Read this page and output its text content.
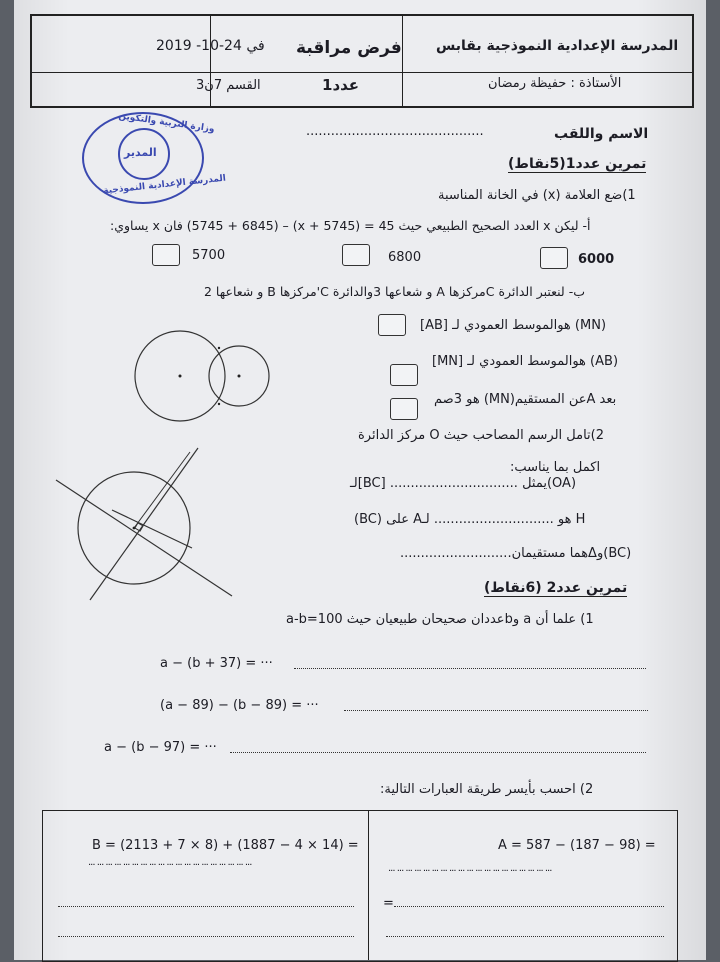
المدرسة الإعدادية النموذجية بقابس
الأستاذة : حفيظة رمضان
فرض مراقبة
عدد1
في 24-10- 2019
القسم 7ن3
وزارة التربية والتكوين
المدرسة الإعدادية النموذجية
المدير
الاسم واللقب
...........................................
تمرين عدد1(5نقاط)
1)ضع العلامة (x) في الخانة المناسبة
أ- ليكن x العدد الصحيح الطبيعي حيث 45 = (5745 + x) – (5745 + 6845) فان x يساوي:
5700	6800	6000
ب- لنعتبر الدائرة Cمركزها A و شعاعها 3والدائرة C'مركزها B و شعاعها 2
(MN) هوالموسط العمودي لـ [AB]
(AB) هوالموسط العمودي لـ [MN]
بعد Aعن المستقيم(MN) هو 3صم
2)تامل الرسم المصاحب حيث O مركز الدائرة
اكمل بما يناسب:
(OA)يمثل ............................... [BC]لـ
H هو ............................. لـA على (BC)
(BC)وΔهما مستقيمان...........................
تمرين عدد2 (6نقاط)
1) علما أن a وbعددان صحيحان طبيعيان حيث a-b=100
a − (b + 37) = ···
(a − 89) − (b − 89) = ···
a − (b − 97) = ···
2) احسب بأيسر طريقة العبارات التالية:
A = 587 − (187 − 98) =
B = (2113 + 7 × 8) + (1887 − 4 × 14) =
··· ··· ··· ··· ··· ··· ··· ··· ··· ··· ··· ··· ··· ··· ··· ··· ··· ··· ···
··· ··· ··· ··· ··· ··· ··· ··· ··· ··· ··· ··· ··· ··· ··· ··· ··· ··· ···
=
